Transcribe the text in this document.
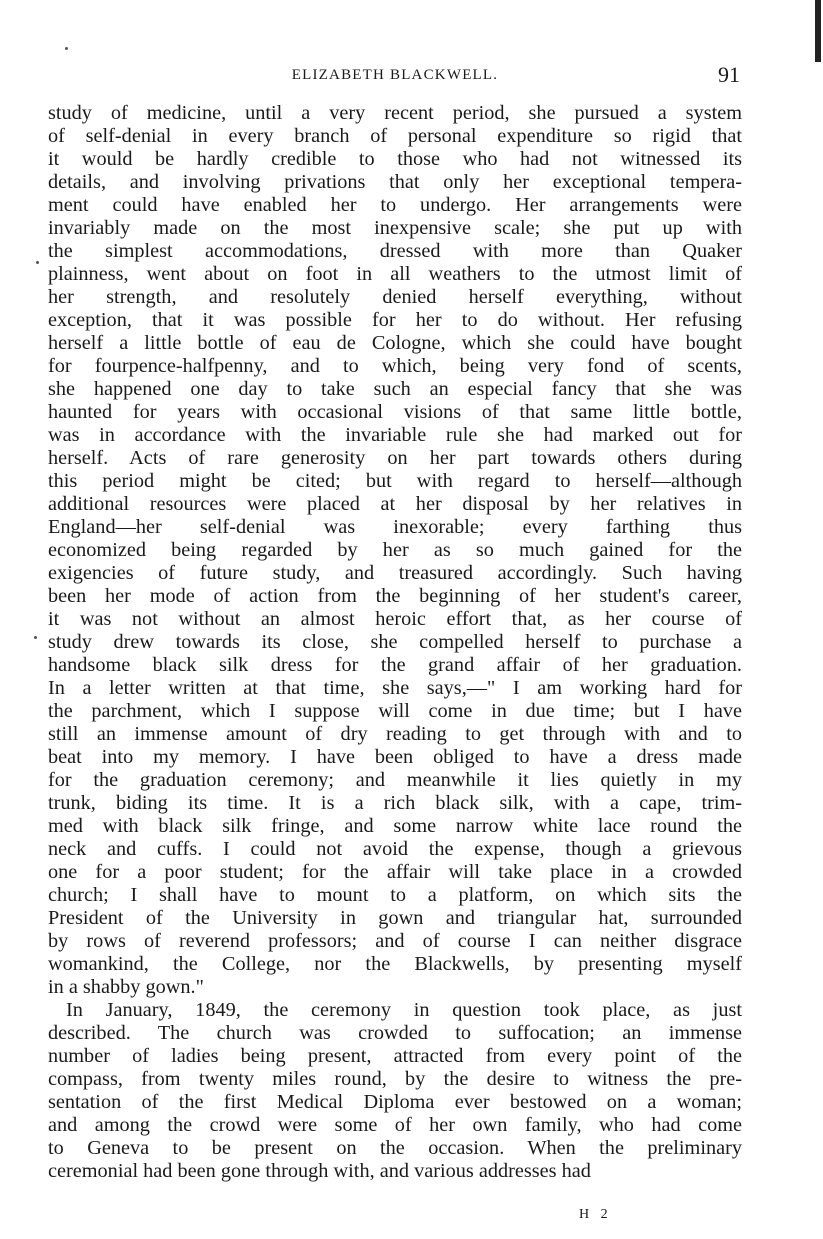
ELIZABETH BLACKWELL.	91
study of medicine, until a very recent period, she pursued a system
of self-denial in every branch of personal expenditure so rigid that
it would be hardly credible to those who had not witnessed its
details, and involving privations that only her exceptional tempera-
ment could have enabled her to undergo. Her arrangements were
invariably made on the most inexpensive scale; she put up with
the simplest accommodations, dressed with more than Quaker
plainness, went about on foot in all weathers to the utmost limit of
her strength, and resolutely denied herself everything, without
exception, that it was possible for her to do without. Her refusing
herself a little bottle of eau de Cologne, which she could have bought
for fourpence-halfpenny, and to which, being very fond of scents,
she happened one day to take such an especial fancy that she was
haunted for years with occasional visions of that same little bottle,
was in accordance with the invariable rule she had marked out for
herself. Acts of rare generosity on her part towards others during
this period might be cited; but with regard to herself—although
additional resources were placed at her disposal by her relatives in
England—her self-denial was inexorable; every farthing thus
economized being regarded by her as so much gained for the
exigencies of future study, and treasured accordingly. Such having
been her mode of action from the beginning of her student's career,
it was not without an almost heroic effort that, as her course of
study drew towards its close, she compelled herself to purchase a
handsome black silk dress for the grand affair of her graduation.
In a letter written at that time, she says,—" I am working hard for
the parchment, which I suppose will come in due time; but I have
still an immense amount of dry reading to get through with and to
beat into my memory. I have been obliged to have a dress made
for the graduation ceremony; and meanwhile it lies quietly in my
trunk, biding its time. It is a rich black silk, with a cape, trim-
med with black silk fringe, and some narrow white lace round the
neck and cuffs. I could not avoid the expense, though a grievous
one for a poor student; for the affair will take place in a crowded
church; I shall have to mount to a platform, on which sits the
President of the University in gown and triangular hat, surrounded
by rows of reverend professors; and of course I can neither disgrace
womankind, the College, nor the Blackwells, by presenting myself
in a shabby gown."
In January, 1849, the ceremony in question took place, as just
described. The church was crowded to suffocation; an immense
number of ladies being present, attracted from every point of the
compass, from twenty miles round, by the desire to witness the pre-
sentation of the first Medical Diploma ever bestowed on a woman;
and among the crowd were some of her own family, who had come
to Geneva to be present on the occasion. When the preliminary
ceremonial had been gone through with, and various addresses had
H 2
